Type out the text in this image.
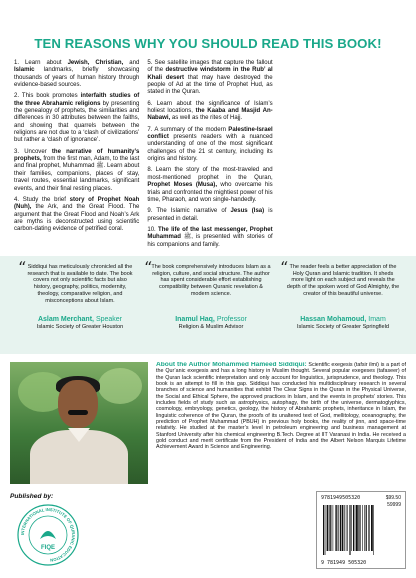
TEN REASONS WHY YOU SHOULD READ THIS BOOK!

1. Learn about Jewish, Christian, and Islamic landmarks, briefly showcasing thousands of years of human history through evidence-based sources.

2. This book promotes interfaith studies of the three Abrahamic religions by presenting the genealogy of prophets, the similarities and differences in 30 attributes between the faiths, and showing that quarrels between the religions are not due to a ‘clash of civilizations’ but rather a ‘clash of ignorance’.

3. Uncover the narrative of humanity’s prophets, from the first man, Adam, to the last and final prophet, Muhammad ﷺ. Learn about their families, companions, places of stay, travel routes, essential landmarks, significant events, and their final resting places.

4. Study the brief story of Prophet Noah (Nuh), the Ark, and the Great Flood. The argument that the Great Flood and Noah’s Ark are myths is deconstructed using scientific carbon-dating evidence of petrified coral.

5. See satellite images that capture the fallout of the destructive windstorm in the Rub’ al Khali desert that may have destroyed the people of Ad at the time of Prophet Hud, as stated in the Quran.

6. Learn about the significance of Islam’s holiest locations, the Kaaba and Masjid An-Nabawi, as well as the rites of Hajj.

7. A summary of the modern Palestine-Israel conflict presents readers with a nuanced understanding of one of the most significant challenges of the 21 st century, including its origins and history.

8. Learn the story of the most-traveled and most-mentioned prophet in the Quran, Prophet Moses (Musa), who overcame his trials and confronted the mightiest power of his time, Pharaoh, and won single-handedly.

9. The Islamic narrative of Jesus (Isa) is presented in detail.

10. The life of the last messenger, Prophet Muhammad ﷺ, is presented with stories of his companions and family.

“ Siddiqui has meticulously chronicled all the research that is available to date. The book covers not only scientific facts but also history, geography, politics, modernity, theology, comparative religion, and misconceptions about Islam.
Aslam Merchant, Speaker
Islamic Society of Greater Houston
“ The book comprehensively introduces Islam as a religion, culture, and social structure. The author has spent considerable effort establishing compatibility between Quranic revelation & modern science.
Inamul Haq, Professor
Religion & Muslim Advisor
“ The reader feels a better appreciation of the Holy Quran and Islamic tradition. It sheds more light on each subject and reveals the depth of the spoken word of God Almighty, the creator of this beautiful universe.
Hassan Mohamoud, Imam
Islamic Society of Greater Springfield
About the Author Mohammed Hameed Siddiqui: Scientific exegesis (tafsir ilmi) is a part of the Qur’anic exegesis and has a long history in Muslim thought. Several popular exegeses (tafaseer) of the Quran lack scientific interpretation and only account for linguistics, jurisprudence, and theology. This book is an attempt to fill in this gap. Siddiqui has conducted his multidisciplinary research in several branches of science and humanities that exhibit The Clear Signs in the Quran in the Physical Universe, the Social and Ethical Sphere, the approved practices in Islam, and the events in prophets’ stories. This includes fields of study such as astrophysics, autophagy, the birth of the universe, dermatoglyphics, cosmology, embryology, genetics, geology, the history of Abrahamic prophets, inheritance in Islam, the linguistic coherence of the Quran, the proofs of its unaltered text of God, mellitology, oceanography, the prediction of Prophet Muhammad (PBUH) in previous holy books, the reality of jinn, and space-time relativity. He studied at the master’s level in petroleum engineering and business management at Stanford University after his chemical engineering B.Tech. Degree at IIT Varanasi in India. He received a gold conduct and merit certificate from the President of India and the Albert Nelson Marquis Lifetime Achievement Award in Science and Engineering.
Published by:
INTERNATIONAL INSTITUTE OF QURANIC EDUCATION
FIQE
9781949505320	$99.50
59999
9 781949 505320
